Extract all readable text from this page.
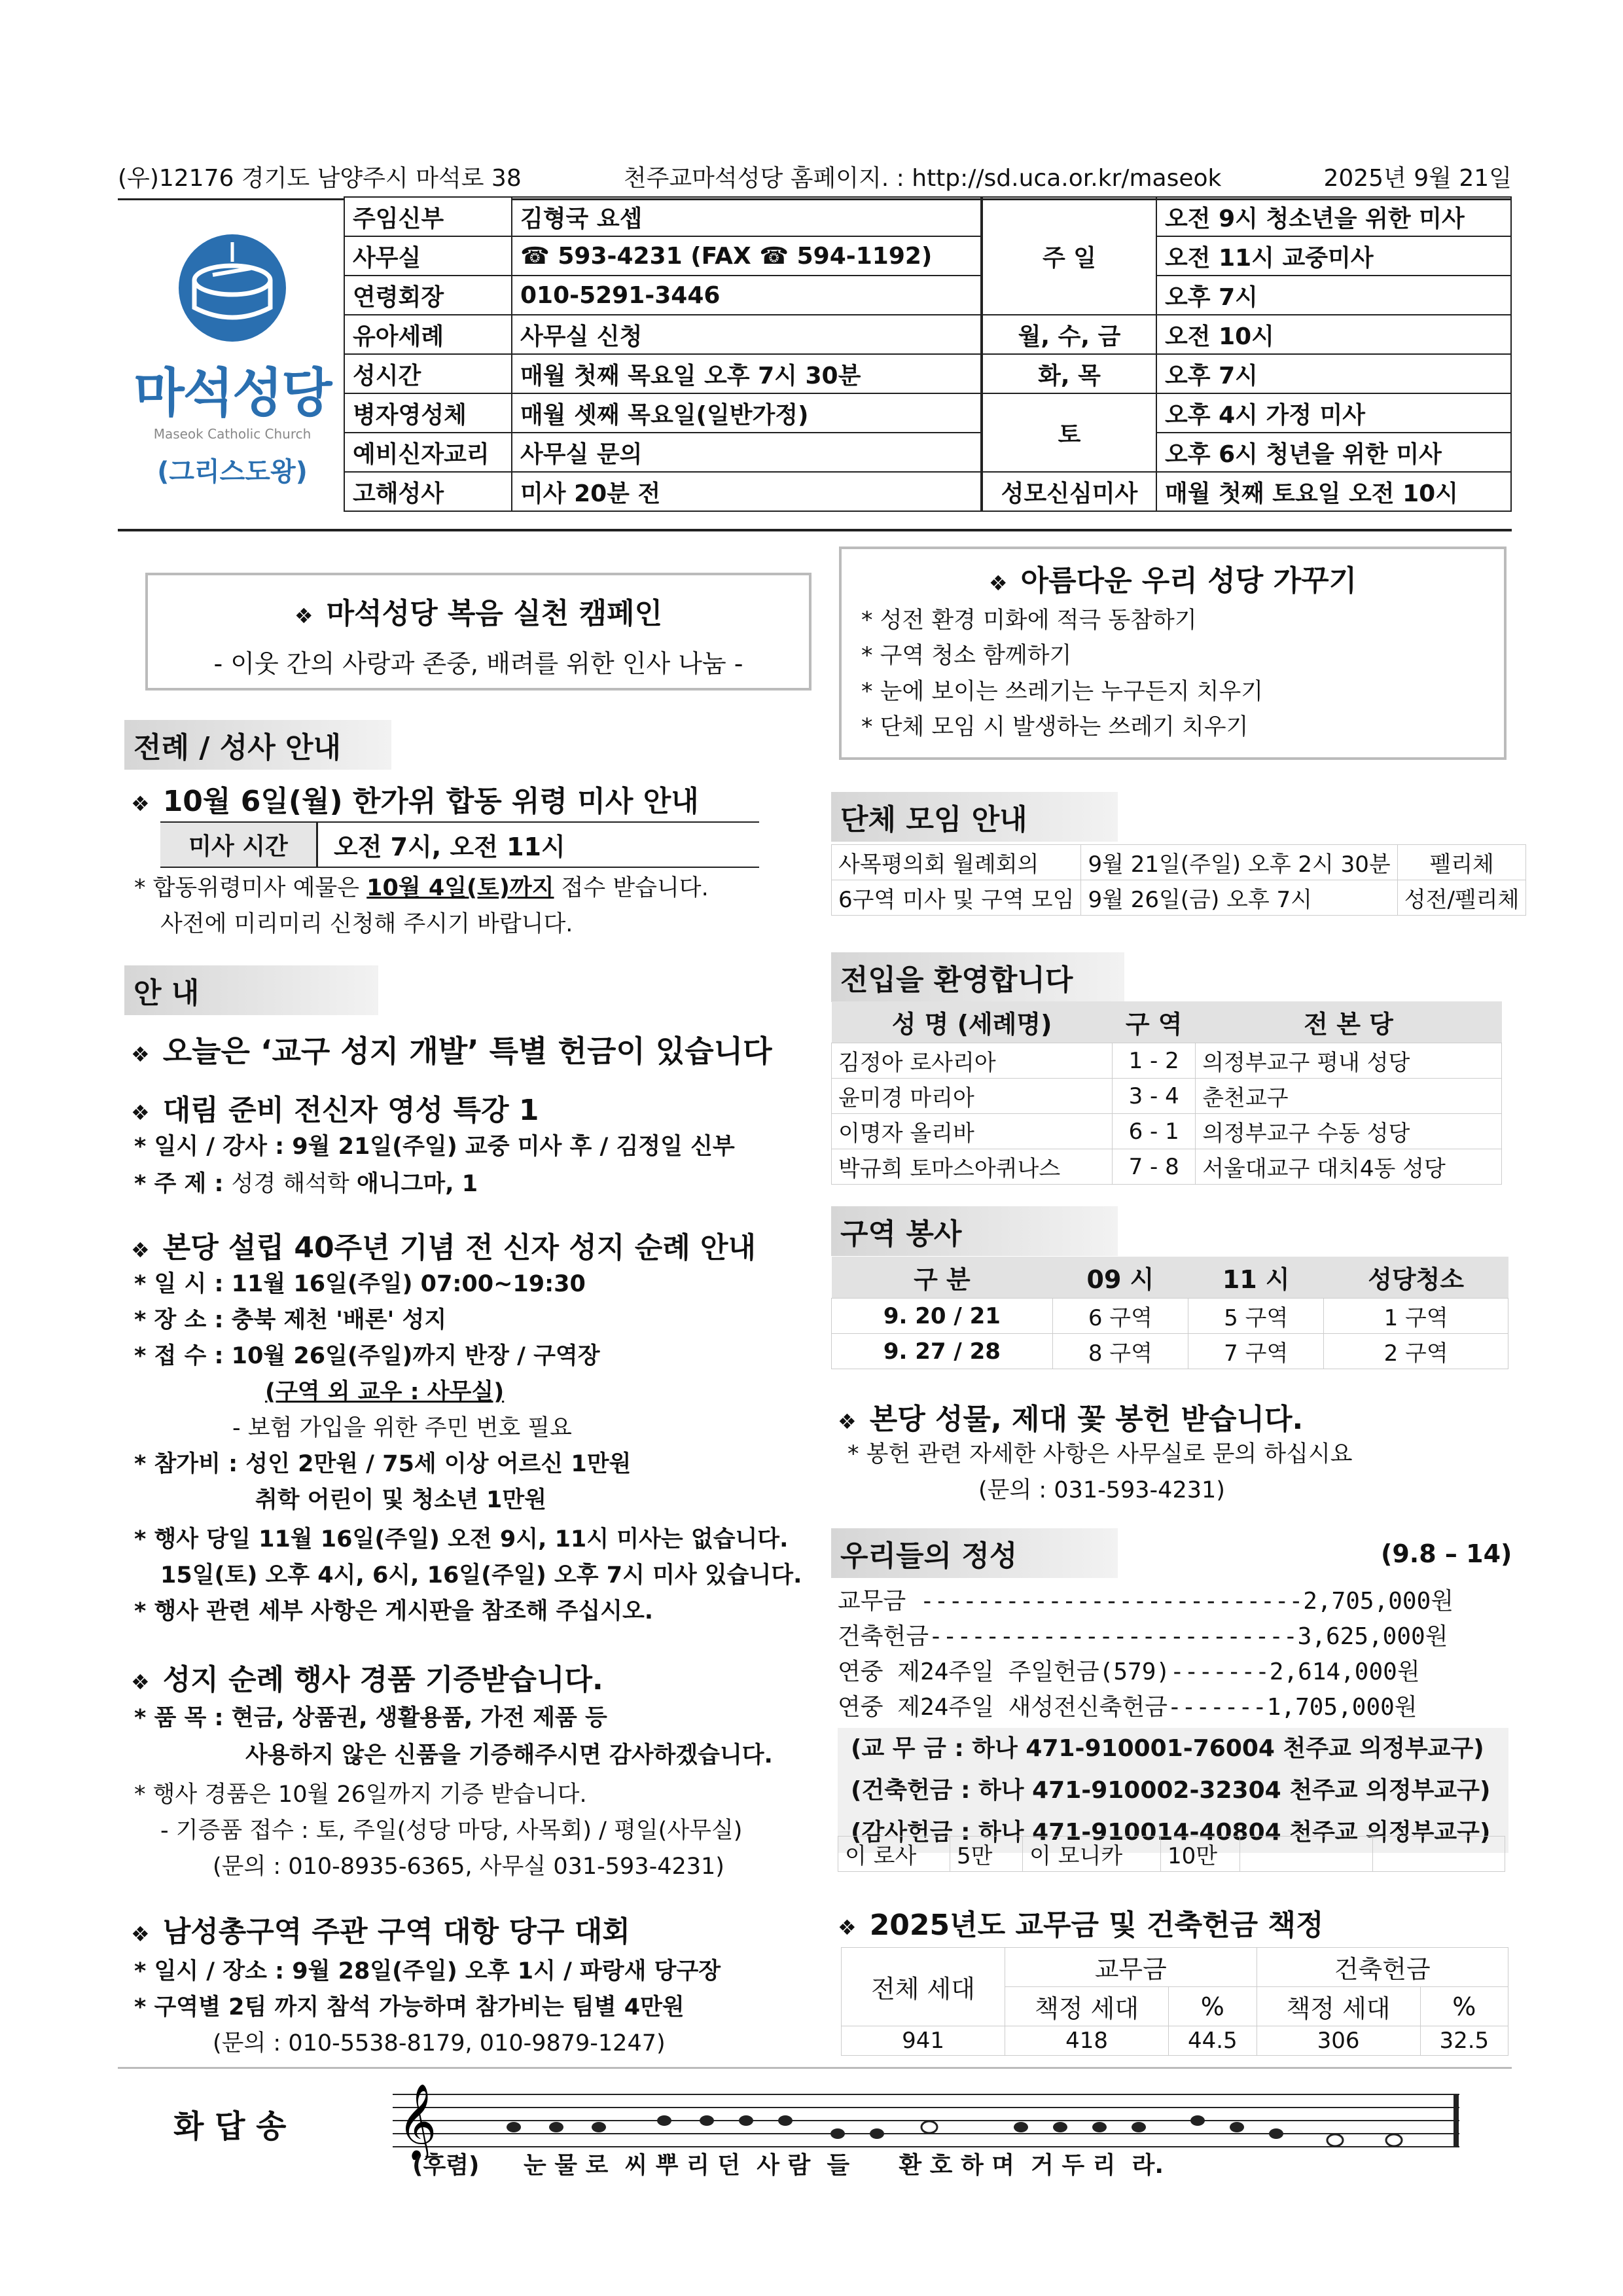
(우)12176 경기도 남양주시 마석로 38	천주교마석성당 홈페이지. : http://sd.uca.or.kr/maseok	2025년 9월 21일
마석성당
Maseok Catholic Church
(그리스도왕)
주임신부	김형국 요셉
사무실	☎ 593-4231 (FAX ☎ 594-1192)
연령회장	010-5291-3446
유아세례	사무실 신청
성시간	매월 첫째 목요일 오후 7시 30분
병자영성체	매월 셋째 목요일(일반가정)
예비신자교리	사무실 문의
고해성사	미사 20분 전
주 일	오전 9시 청소년을 위한 미사
	오전 11시 교중미사
	오후 7시
월, 수, 금	오전 10시
화, 목	오후 7시
토	오후 4시 가정 미사
	오후 6시 청년을 위한 미사
성모신심미사	매월 첫째 토요일 오전 10시
❖ 마석성당 복음 실천 캠페인
- 이웃 간의 사랑과 존중, 배려를 위한 인사 나눔 -
❖ 아름다운 우리 성당 가꾸기
* 성전 환경 미화에 적극 동참하기
* 구역 청소 함께하기
* 눈에 보이는 쓰레기는 누구든지 치우기
* 단체 모임 시 발생하는 쓰레기 치우기
전례 / 성사 안내
❖ 10월 6일(월) 한가위 합동 위령 미사 안내
미사 시간	오전 7시, 오전 11시
* 합동위령미사 예물은 10월 4일(토)까지 접수 받습니다.
사전에 미리미리 신청해 주시기 바랍니다.
안 내
❖ 오늘은 ‘교구 성지 개발’ 특별 헌금이 있습니다
❖ 대림 준비 전신자 영성 특강 1
* 일시 / 강사 : 9월 21일(주일) 교중 미사 후 / 김정일 신부
* 주 제 : 성경 해석학 애니그마, 1
❖ 본당 설립 40주년 기념 전 신자 성지 순례 안내
* 일 시 : 11월 16일(주일) 07:00~19:30
* 장 소 : 충북 제천 '배론' 성지
* 접 수 : 10월 26일(주일)까지 반장 / 구역장
(구역 외 교우 : 사무실)
- 보험 가입을 위한 주민 번호 필요
* 참가비 : 성인 2만원 / 75세 이상 어르신 1만원
취학 어린이 및 청소년 1만원
* 행사 당일 11월 16일(주일) 오전 9시, 11시 미사는 없습니다.
15일(토) 오후 4시, 6시, 16일(주일) 오후 7시 미사 있습니다.
* 행사 관련 세부 사항은 게시판을 참조해 주십시오.
❖ 성지 순례 행사 경품 기증받습니다.
* 품 목 : 현금, 상품권, 생활용품, 가전 제품 등
사용하지 않은 신품을 기증해주시면 감사하겠습니다.
* 행사 경품은 10월 26일까지 기증 받습니다.
- 기증품 접수 : 토, 주일(성당 마당, 사목회) / 평일(사무실)
(문의 : 010-8935-6365, 사무실 031-593-4231)
❖ 남성총구역 주관 구역 대항 당구 대회
* 일시 / 장소 : 9월 28일(주일) 오후 1시 / 파랑새 당구장
* 구역별 2팀 까지 참석 가능하며 참가비는 팀별 4만원
(문의 : 010-5538-8179, 010-9879-1247)
단체 모임 안내
사목평의회 월례회의	9월 21일(주일) 오후 2시 30분	펠리체
6구역 미사 및 구역 모임	9월 26일(금) 오후 7시	성전/펠리체
전입을 환영합니다
성 명 (세례명)	구 역	전 본 당
김정아 로사리아	1 - 2	의정부교구 평내 성당
윤미경 마리아	3 - 4	춘천교구
이명자 올리바	6 - 1	의정부교구 수동 성당
박규희 토마스아퀴나스	7 - 8	서울대교구 대치4동 성당
구역 봉사
구 분	09 시	11 시	성당청소
9. 20 / 21	6 구역	5 구역	1 구역
9. 27 / 28	8 구역	7 구역	2 구역
❖ 본당 성물, 제대 꽃 봉헌 받습니다.
* 봉헌 관련 자세한 사항은 사무실로 문의 하십시요
(문의 : 031-593-4231)
우리들의 정성	(9.8 – 14)
교무금 ---------------------------2,705,000원
건축헌금--------------------------3,625,000원
연중 제24주일 주일헌금(579)-------2,614,000원
연중 제24주일 새성전신축헌금-------1,705,000원
(교 무 금 : 하나 471-910001-76004 천주교 의정부교구)
(건축헌금 : 하나 471-910002-32304 천주교 의정부교구)
(감사헌금 : 하나 471-910014-40804 천주교 의정부교구)
이 로사	5만	이 모니카	10만		
❖ 2025년도 교무금 및 건축헌금 책정
전체 세대	교무금		건축헌금	
	책정 세대	%	책정 세대	%
941	418	44.5	306	32.5
화 답 송 𝄞
(후렴) 눈 물 로  씨 뿌 리 던  사 람  들      환 호 하 며  거 두 리  라.
